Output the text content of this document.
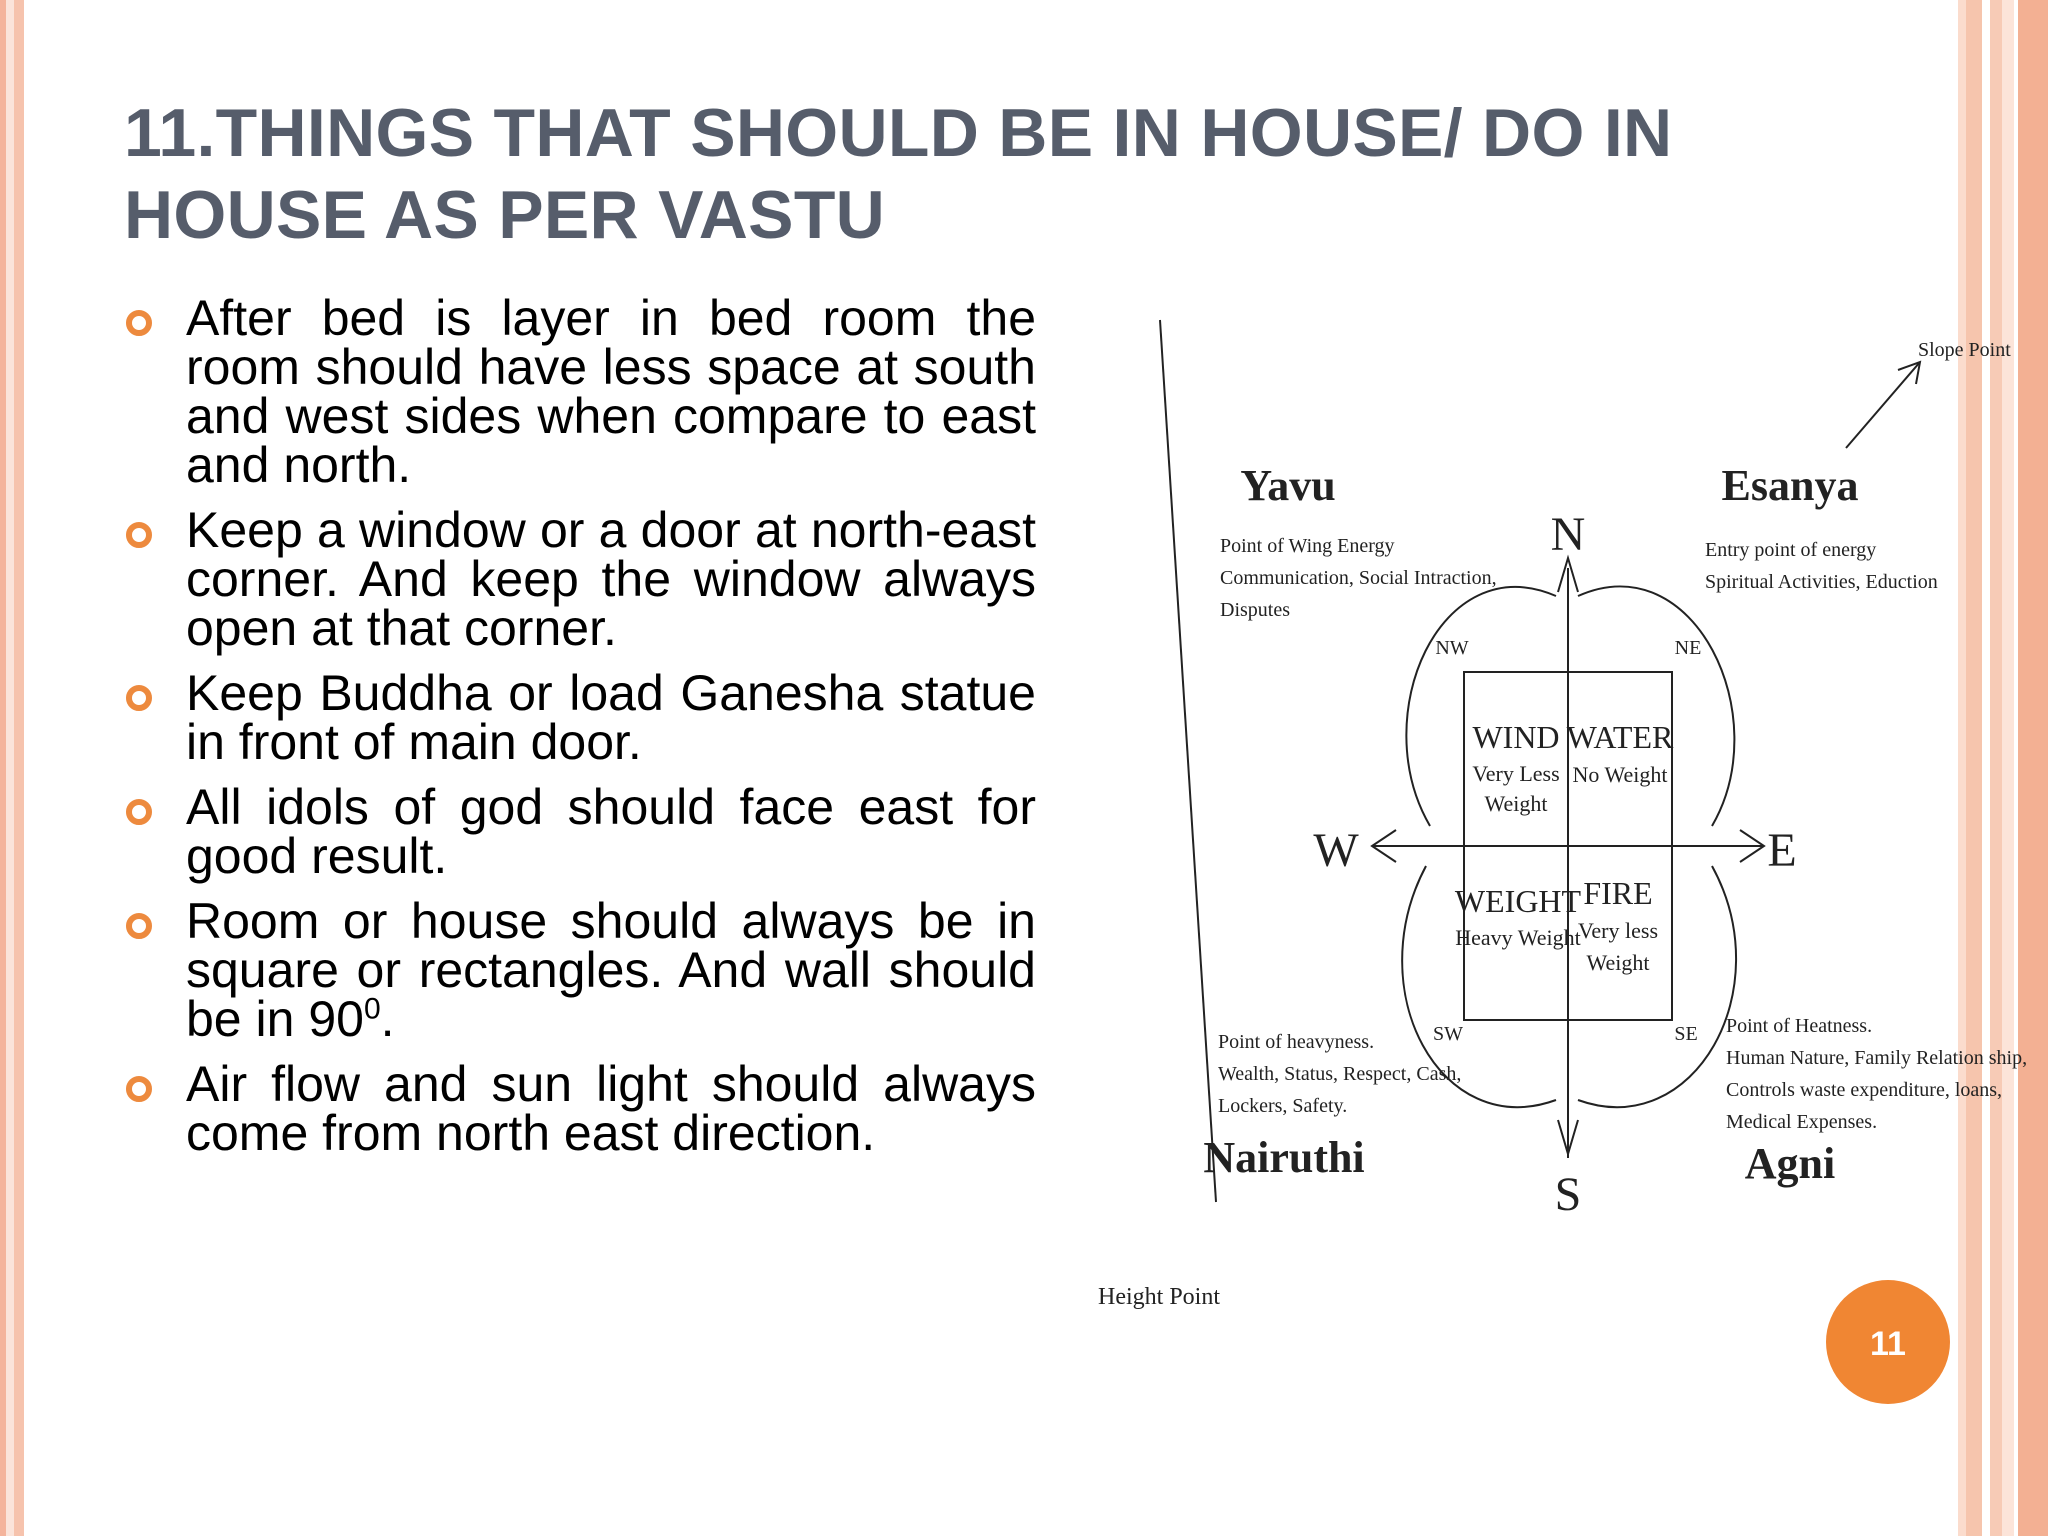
11.THINGS THAT SHOULD BE IN HOUSE/ DO IN
HOUSE AS PER VASTU
After bed is layer in bed room the room should have less space at south and west sides when compare to east and north.
Keep a window or a door at north-east corner. And keep the window always open at that corner.
Keep Buddha or load Ganesha statue in front of main door.
All idols of god should face east for good result.
Room or house should always be in square or rectangles. And wall should be in $90^0$.
Air flow and sun light should always come from north east direction.
N
S
W	E
NW	NE
SW	SE
WIND
Very Less
Weight
WATER
No Weight
WEIGHT
Heavy Weight
FIRE
Very less
Weight
Yavu
Point of Wing Energy
Communication, Social Intraction,
Disputes
Esanya
Entry point of energy
Spiritual Activities, Eduction
Point of heavyness.
Wealth, Status, Respect, Cash,
Lockers, Safety.
Nairuthi
Point of Heatness.
Human Nature, Family Relation ship,
Controls waste expenditure, loans,
Medical Expenses.
Agni
Slope Point
Height Point
11
